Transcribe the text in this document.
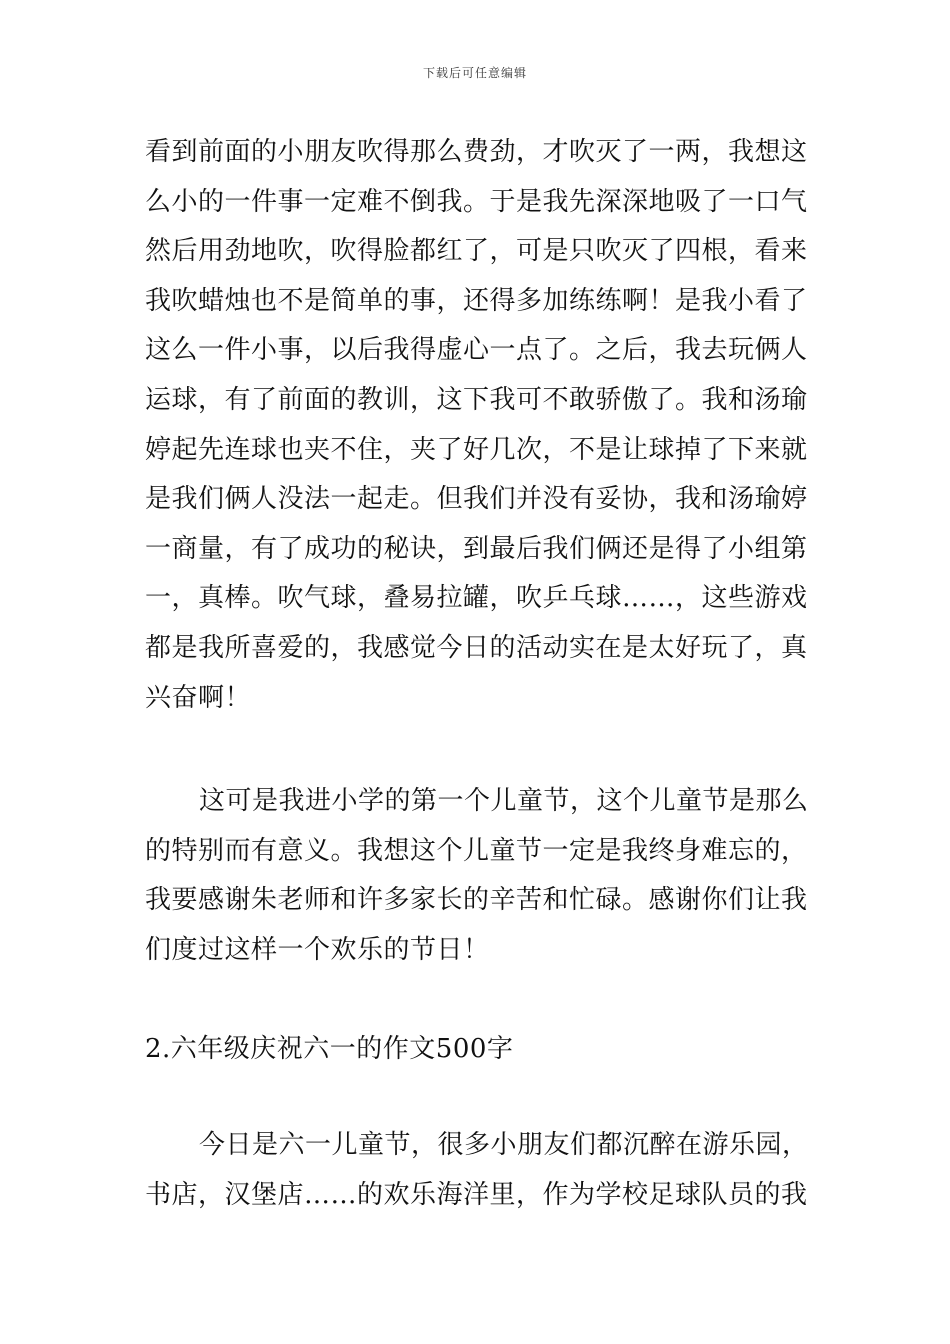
下载后可任意编辑
看到前面的小朋友吹得那么费劲，才吹灭了一两，我想这
么小的一件事一定难不倒我。于是我先深深地吸了一口气
然后用劲地吹，吹得脸都红了，可是只吹灭了四根，看来
我吹蜡烛也不是简单的事，还得多加练练啊！是我小看了
这么一件小事，以后我得虚心一点了。之后，我去玩俩人
运球，有了前面的教训，这下我可不敢骄傲了。我和汤瑜
婷起先连球也夹不住，夹了好几次，不是让球掉了下来就
是我们俩人没法一起走。但我们并没有妥协，我和汤瑜婷
一商量，有了成功的秘诀，到最后我们俩还是得了小组第
一，真棒。吹气球，叠易拉罐，吹乒乓球……，这些游戏
都是我所喜爱的，我感觉今日的活动实在是太好玩了，真
兴奋啊！
这可是我进小学的第一个儿童节，这个儿童节是那么
的特别而有意义。我想这个儿童节一定是我终身难忘的，
我要感谢朱老师和许多家长的辛苦和忙碌。感谢你们让我
们度过这样一个欢乐的节日！
2.六年级庆祝六一的作文500字
今日是六一儿童节，很多小朋友们都沉醉在游乐园，
书店，汉堡店……的欢乐海洋里，作为学校足球队员的我
